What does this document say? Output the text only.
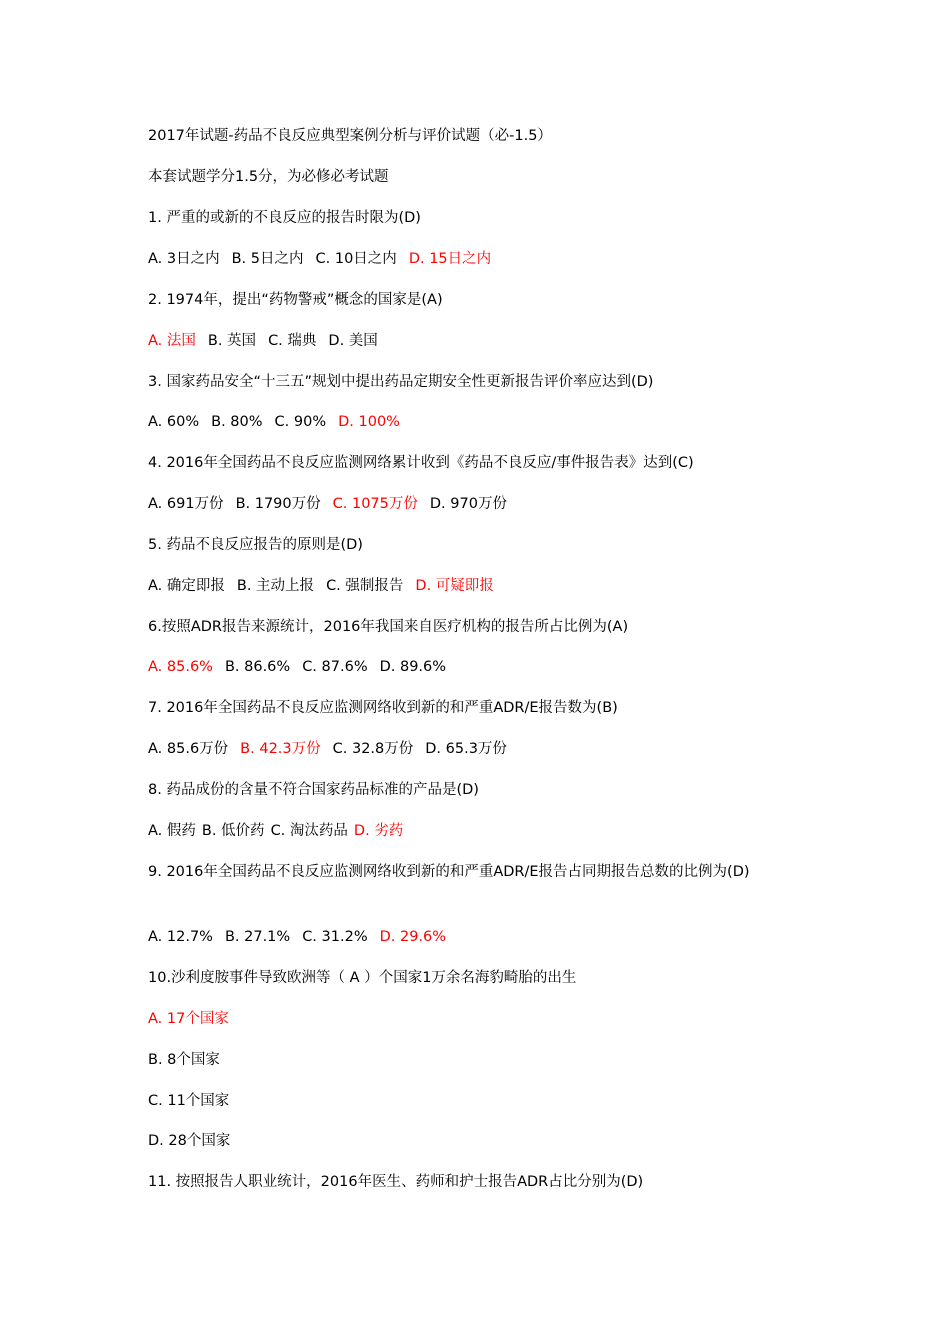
2017年试题-药品不良反应典型案例分析与评价试题（必-1.5）
本套试题学分1.5分，为必修必考试题
1. 严重的或新的不良反应的报告时限为(D)
A. 3日之内 B. 5日之内 C. 10日之内 D. 15日之内
2. 1974年，提出“药物警戒”概念的国家是(A)
A. 法国 B. 英国 C. 瑞典 D. 美国
3. 国家药品安全“十三五”规划中提出药品定期安全性更新报告评价率应达到(D)
A. 60% B. 80% C. 90% D. 100%
4. 2016年全国药品不良反应监测网络累计收到《药品不良反应/事件报告表》达到(C)
A. 691万份 B. 1790万份 C. 1075万份 D. 970万份
5. 药品不良反应报告的原则是(D)
A. 确定即报 B. 主动上报 C. 强制报告 D. 可疑即报
6.按照ADR报告来源统计，2016年我国来自医疗机构的报告所占比例为(A)
A. 85.6% B. 86.6% C. 87.6% D. 89.6%
7. 2016年全国药品不良反应监测网络收到新的和严重ADR/E报告数为(B)
A. 85.6万份 B. 42.3万份 C. 32.8万份 D. 65.3万份
8. 药品成份的含量不符合国家药品标准的产品是(D)
A. 假药 B. 低价药 C. 淘汰药品 D. 劣药
9. 2016年全国药品不良反应监测网络收到新的和严重ADR/E报告占同期报告总数的比例为(D)
A. 12.7% B. 27.1% C. 31.2% D. 29.6%
10.沙利度胺事件导致欧洲等（ A ）个国家1万余名海豹畸胎的出生
A. 17个国家
B. 8个国家
C. 11个国家
D. 28个国家
11. 按照报告人职业统计，2016年医生、药师和护士报告ADR占比分别为(D)
